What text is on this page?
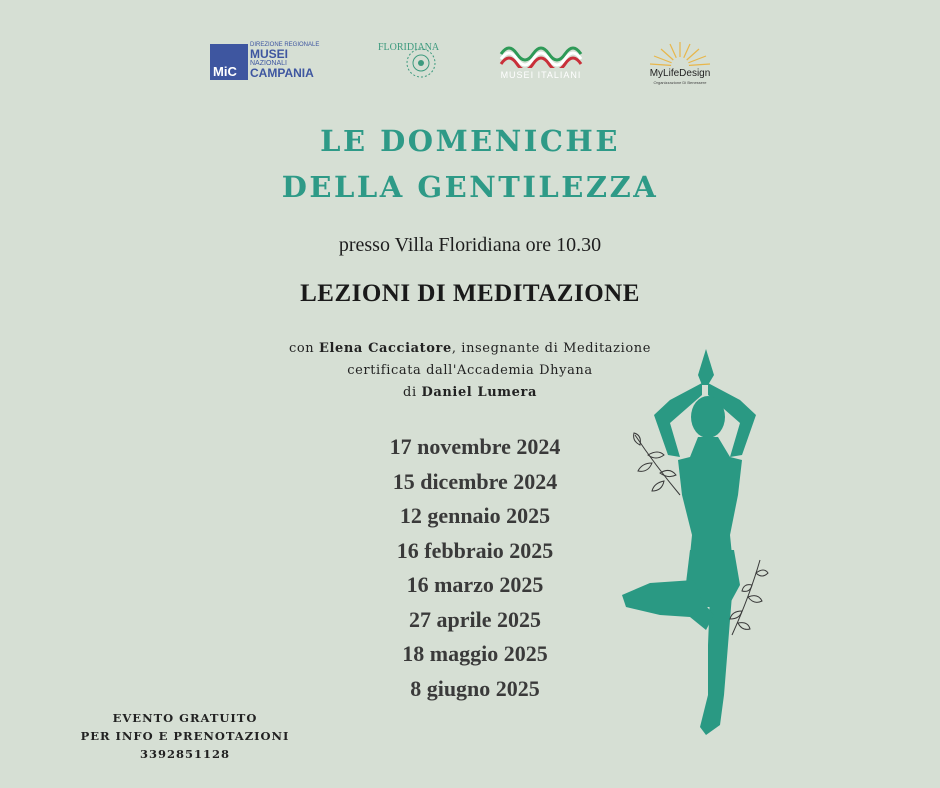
MiC
DIREZIONE REGIONALE
MUSEI
NAZIONALI
CAMPANIA
FLORIDIANA
MUSEI ITALIANI	MyLifeDesign
Organizzazione Di Benessere
LE DOMENICHE
DELLA GENTILEZZA
presso Villa Floridiana ore 10.30
LEZIONI DI MEDITAZIONE
con Elena Cacciatore, insegnante di Meditazione
certificata dall'Accademia Dhyana
di Daniel Lumera
17 novembre 2024
15 dicembre 2024
12 gennaio 2025
16 febbraio 2025
16 marzo 2025
27 aprile 2025
18 maggio 2025
8 giugno 2025
EVENTO GRATUITO
PER INFO E PRENOTAZIONI
3392851128
